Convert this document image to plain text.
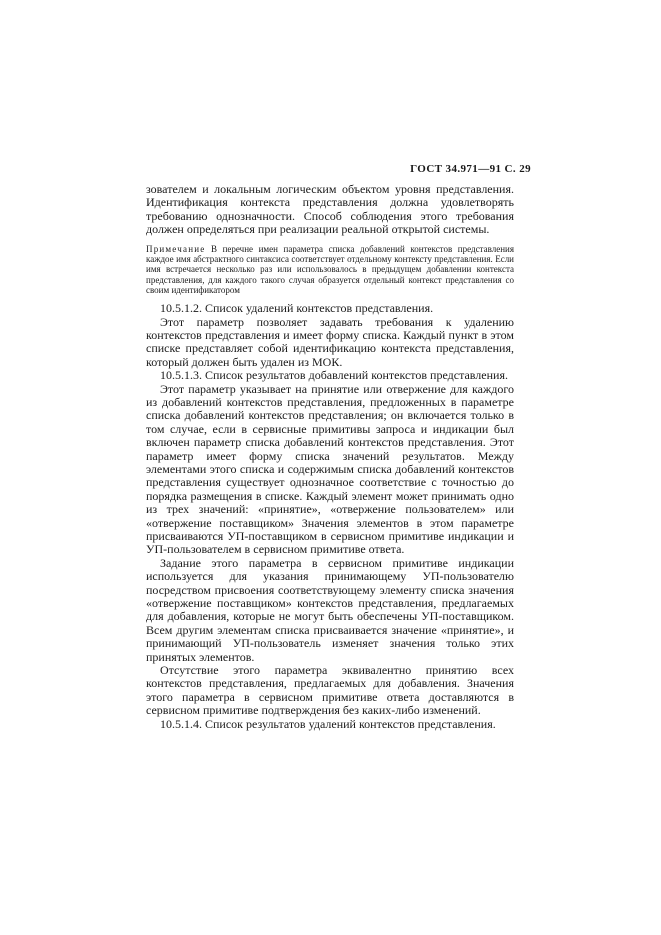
ГОСТ 34.971—91 С. 29

зователем и локальным логическим объектом уровня представления. Идентификация контекста представления должна удовлетворять требованию однозначности. Способ соблюдения этого требования должен определяться при реализации реальной открытой системы.

Примечание В перечне имен параметра списка добавлений контекстов представления каждое имя абстрактного синтаксиса соответствует отдельному контексту представления. Если имя встречается несколько раз или использовалось в предыдущем добавлении контекста представления, для каждого такого случая образуется отдельный контекст представления со своим идентификатором

10.5.1.2. Список удалений контекстов представления.

Этот параметр позволяет задавать требования к удалению контекстов представления и имеет форму списка. Каждый пункт в этом списке представляет собой идентификацию контекста представления, который должен быть удален из МОК.

10.5.1.3. Список результатов добавлений контекстов представления.

Этот параметр указывает на принятие или отвержение для каждого из добавлений контекстов представления, предложенных в параметре списка добавлений контекстов представления; он включается только в том случае, если в сервисные примитивы запроса и индикации был включен параметр списка добавлений контекстов представления. Этот параметр имеет форму списка значений результатов. Между элементами этого списка и содержимым списка добавлений контекстов представления существует однозначное соответствие с точностью до порядка размещения в списке. Каждый элемент может принимать одно из трех значений: «принятие», «отвержение пользователем» или «отвержение поставщиком» Значения элементов в этом параметре присваиваются УП-поставщиком в сервисном примитиве индикации и УП-пользователем в сервисном примитиве ответа.

Задание этого параметра в сервисном примитиве индикации используется для указания принимающему УП-пользователю посредством присвоения соответствующему элементу списка значения «отвержение поставщиком» контекстов представления, предлагаемых для добавления, которые не могут быть обеспечены УП-поставщиком. Всем другим элементам списка присваивается значение «принятие», и принимающий УП-пользователь изменяет значения только этих принятых элементов.

Отсутствие этого параметра эквивалентно принятию всех контекстов представления, предлагаемых для добавления. Значения этого параметра в сервисном примитиве ответа доставляются в сервисном примитиве подтверждения без каких-либо изменений.

10.5.1.4. Список результатов удалений контекстов представления.
